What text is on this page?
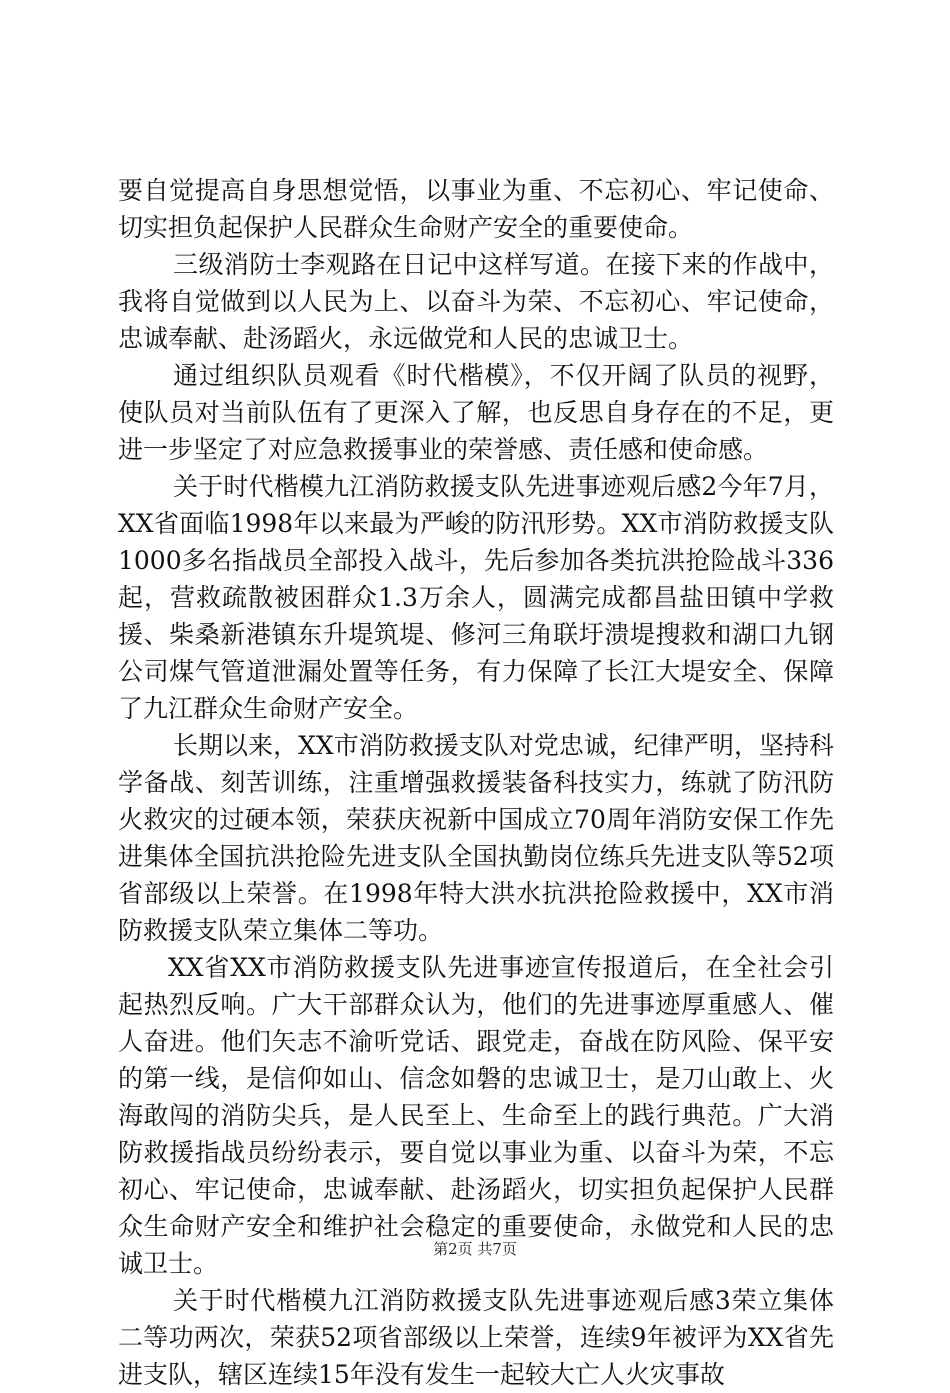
要自觉提高自身思想觉悟，以事业为重、不忘初心、牢记使命、切实担负起保护人民群众生命财产安全的重要使命。

三级消防士李观路在日记中这样写道。在接下来的作战中，我将自觉做到以人民为上、以奋斗为荣、不忘初心、牢记使命，忠诚奉献、赴汤蹈火，永远做党和人民的忠诚卫士。

通过组织队员观看《时代楷模》，不仅开阔了队员的视野，使队员对当前队伍有了更深入了解，也反思自身存在的不足，更进一步坚定了对应急救援事业的荣誉感、责任感和使命感。

关于时代楷模九江消防救援支队先进事迹观后感2今年7月，XX省面临1998年以来最为严峻的防汛形势。XX市消防救援支队1000多名指战员全部投入战斗，先后参加各类抗洪抢险战斗336起，营救疏散被困群众1.3万余人，圆满完成都昌盐田镇中学救援、柴桑新港镇东升堤筑堤、修河三角联圩溃堤搜救和湖口九钢公司煤气管道泄漏处置等任务，有力保障了长江大堤安全、保障了九江群众生命财产安全。

长期以来，XX市消防救援支队对党忠诚，纪律严明，坚持科学备战、刻苦训练，注重增强救援装备科技实力，练就了防汛防火救灾的过硬本领，荣获庆祝新中国成立70周年消防安保工作先进集体全国抗洪抢险先进支队全国执勤岗位练兵先进支队等52项省部级以上荣誉。在1998年特大洪水抗洪抢险救援中，XX市消防救援支队荣立集体二等功。

XX省XX市消防救援支队先进事迹宣传报道后，在全社会引起热烈反响。广大干部群众认为，他们的先进事迹厚重感人、催人奋进。他们矢志不渝听党话、跟党走，奋战在防风险、保平安的第一线，是信仰如山、信念如磐的忠诚卫士，是刀山敢上、火海敢闯的消防尖兵，是人民至上、生命至上的践行典范。广大消防救援指战员纷纷表示，要自觉以事业为重、以奋斗为荣，不忘初心、牢记使命，忠诚奉献、赴汤蹈火，切实担负起保护人民群众生命财产安全和维护社会稳定的重要使命，永做党和人民的忠诚卫士。

关于时代楷模九江消防救援支队先进事迹观后感3荣立集体二等功两次，荣获52项省部级以上荣誉，连续9年被评为XX省先进支队，辖区连续15年没有发生一起较大亡人火灾事故

第2页 共7页
